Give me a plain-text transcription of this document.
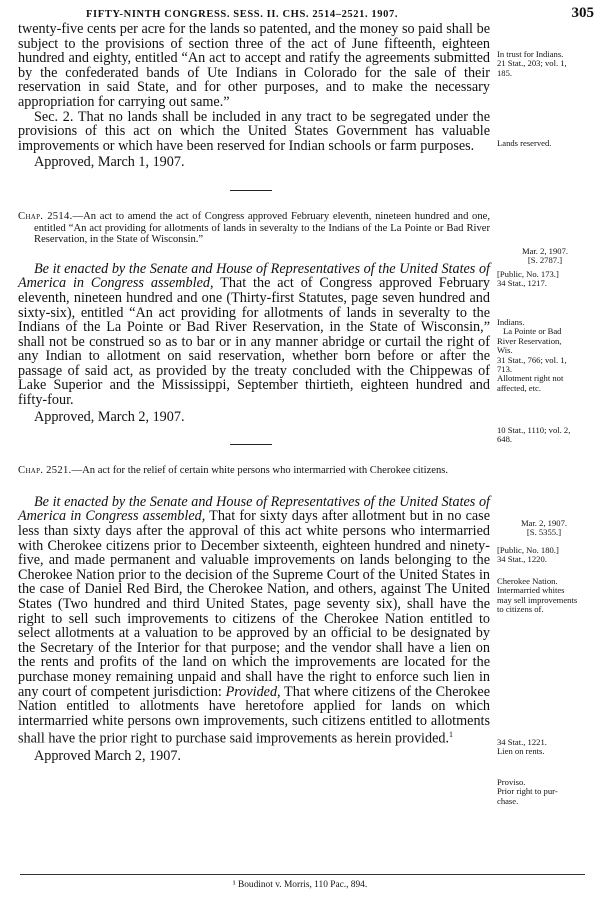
FIFTY-NINTH CONGRESS. SESS. II. CHS. 2514–2521. 1907.	305

twenty-five cents per acre for the lands so patented, and the money so paid shall be subject to the provisions of section three of the act of June fifteenth, eighteen hundred and eighty, entitled “An act to accept and ratify the agreements submitted by the confederated bands of Ute Indians in Colorado for the sale of their reservation in said State, and for other purposes, and to make the necessary appropriation for carrying out same.”

Sec. 2. That no lands shall be included in any tract to be segregated under the provisions of this act on which the United States Government has valuable improvements or which have been reserved for Indian schools or farm purposes.

Approved, March 1, 1907.

Chap. 2514.—An act to amend the act of Congress approved February eleventh, nineteen hundred and one, entitled “An act providing for allotments of lands in severalty to the Indians of the La Pointe or Bad River Reservation, in the State of Wisconsin.”

Be it enacted by the Senate and House of Representatives of the United States of America in Congress assembled, That the act of Congress approved February eleventh, nineteen hundred and one (Thirty-first Statutes, page seven hundred and sixty-six), entitled “An act providing for allotments of lands in severalty to the Indians of the La Pointe or Bad River Reservation, in the State of Wisconsin,” shall not be construed so as to bar or in any manner abridge or curtail the right of any Indian to allotment on said reservation, whether born before or after the passage of said act, as provided by the treaty concluded with the Chippewas of Lake Superior and the Mississippi, September thirtieth, eighteen hundred and fifty-four.

Approved, March 2, 1907.

Chap. 2521.—An act for the relief of certain white persons who intermarried with Cherokee citizens.

Be it enacted by the Senate and House of Representatives of the United States of America in Congress assembled, That for sixty days after allotment but in no case less than sixty days after the approval of this act white persons who intermarried with Cherokee citizens prior to December sixteenth, eighteen hundred and ninety-five, and made permanent and valuable improvements on lands belonging to the Cherokee Nation prior to the decision of the Supreme Court of the United States in the case of Daniel Red Bird, the Cherokee Nation, and others, against The United States (Two hundred and third United States, page seventy six), shall have the right to sell such improvements to citizens of the Cherokee Nation entitled to select allotments at a valuation to be approved by an official to be designated by the Secretary of the Interior for that purpose; and the vendor shall have a lien on the rents and profits of the land on which the improvements are located for the purchase money remaining unpaid and shall have the right to enforce such lien in any court of competent jurisdiction: Provided, That where citizens of the Cherokee Nation entitled to allotments have heretofore applied for lands on which intermarried white persons own improvements, such citizens entitled to allotments shall have the prior right to purchase said improvements as herein provided.$^1$

Approved March 2, 1907.

In trust for Indians.
21 Stat., 203; vol. 1,
185.
Lands reserved.
Mar. 2, 1907.
[S. 2787.]
[Public, No. 173.]
34 Stat., 1217.
Indians.
La Pointe or Bad
River Reservation,
Wis.
31 Stat., 766; vol. 1,
713.
Allotment right not
affected, etc.
10 Stat., 1110; vol. 2,
648.
Mar. 2, 1907.
[S. 5355.]
[Public, No. 180.]
34 Stat., 1220.
Cherokee Nation.
Intermarried whites
may sell improvements
to citizens of.
34 Stat., 1221.
Lien on rents.
Proviso.
Prior right to pur-
chase.
¹ Boudinot v. Morris, 110 Pac., 894.
